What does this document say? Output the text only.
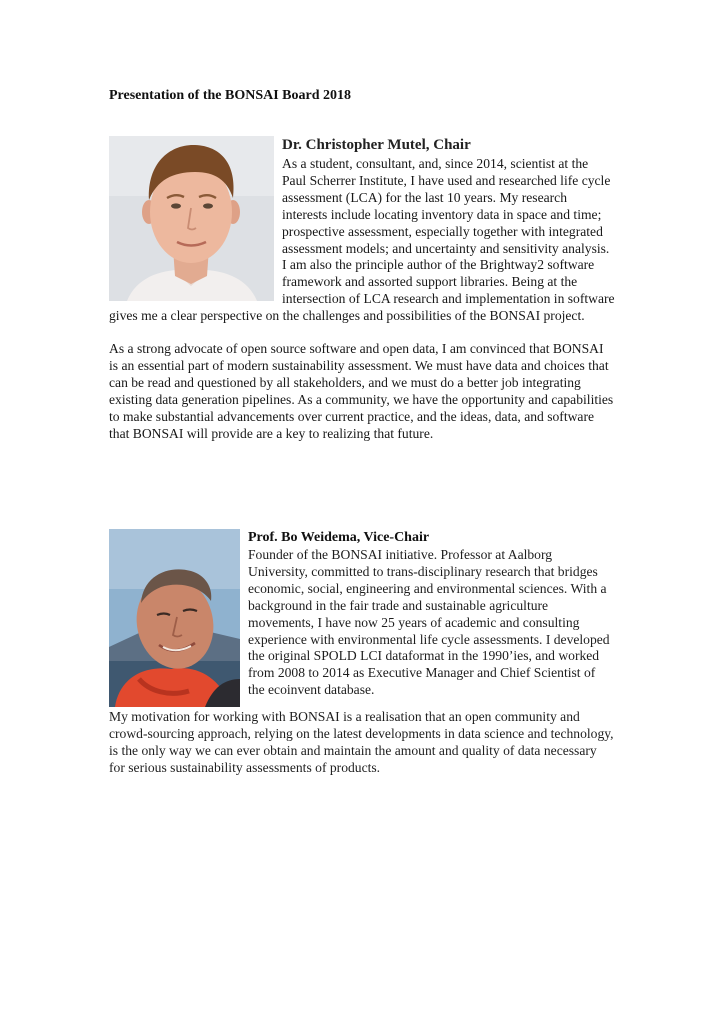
Presentation of the BONSAI Board 2018
Dr. Christopher Mutel, Chair

As a student, consultant, and, since 2014, scientist at the Paul Scherrer Institute, I have used and researched life cycle assessment (LCA) for the last 10 years. My research interests include locating inventory data in space and time; prospective assessment, especially together with integrated assessment models; and uncertainty and sensitivity analysis. I am also the principle author of the Brightway2 software framework and assorted support libraries. Being at the intersection of LCA research and implementation in software gives me a clear perspective on the challenges and possibilities of the BONSAI project.

As a strong advocate of open source software and open data, I am convinced that BONSAI is an essential part of modern sustainability assessment. We must have data and choices that can be read and questioned by all stakeholders, and we must do a better job integrating existing data generation pipelines. As a community, we have the opportunity and capabilities to make substantial advancements over current practice, and the ideas, data, and software that BONSAI will provide are a key to realizing that future.

Prof. Bo Weidema, Vice-Chair

Founder of the BONSAI initiative. Professor at Aalborg University, committed to trans-disciplinary research that bridges economic, social, engineering and environmental sciences. With a background in the fair trade and sustainable agriculture movements, I have now 25 years of academic and consulting experience with environmental life cycle assessments. I developed the original SPOLD LCI dataformat in the 1990’ies, and worked from 2008 to 2014 as Executive Manager and Chief Scientist of the ecoinvent database.

My motivation for working with BONSAI is a realisation that an open community and crowd-sourcing approach, relying on the latest developments in data science and technology, is the only way we can ever obtain and maintain the amount and quality of data necessary for serious sustainability assessments of products.
